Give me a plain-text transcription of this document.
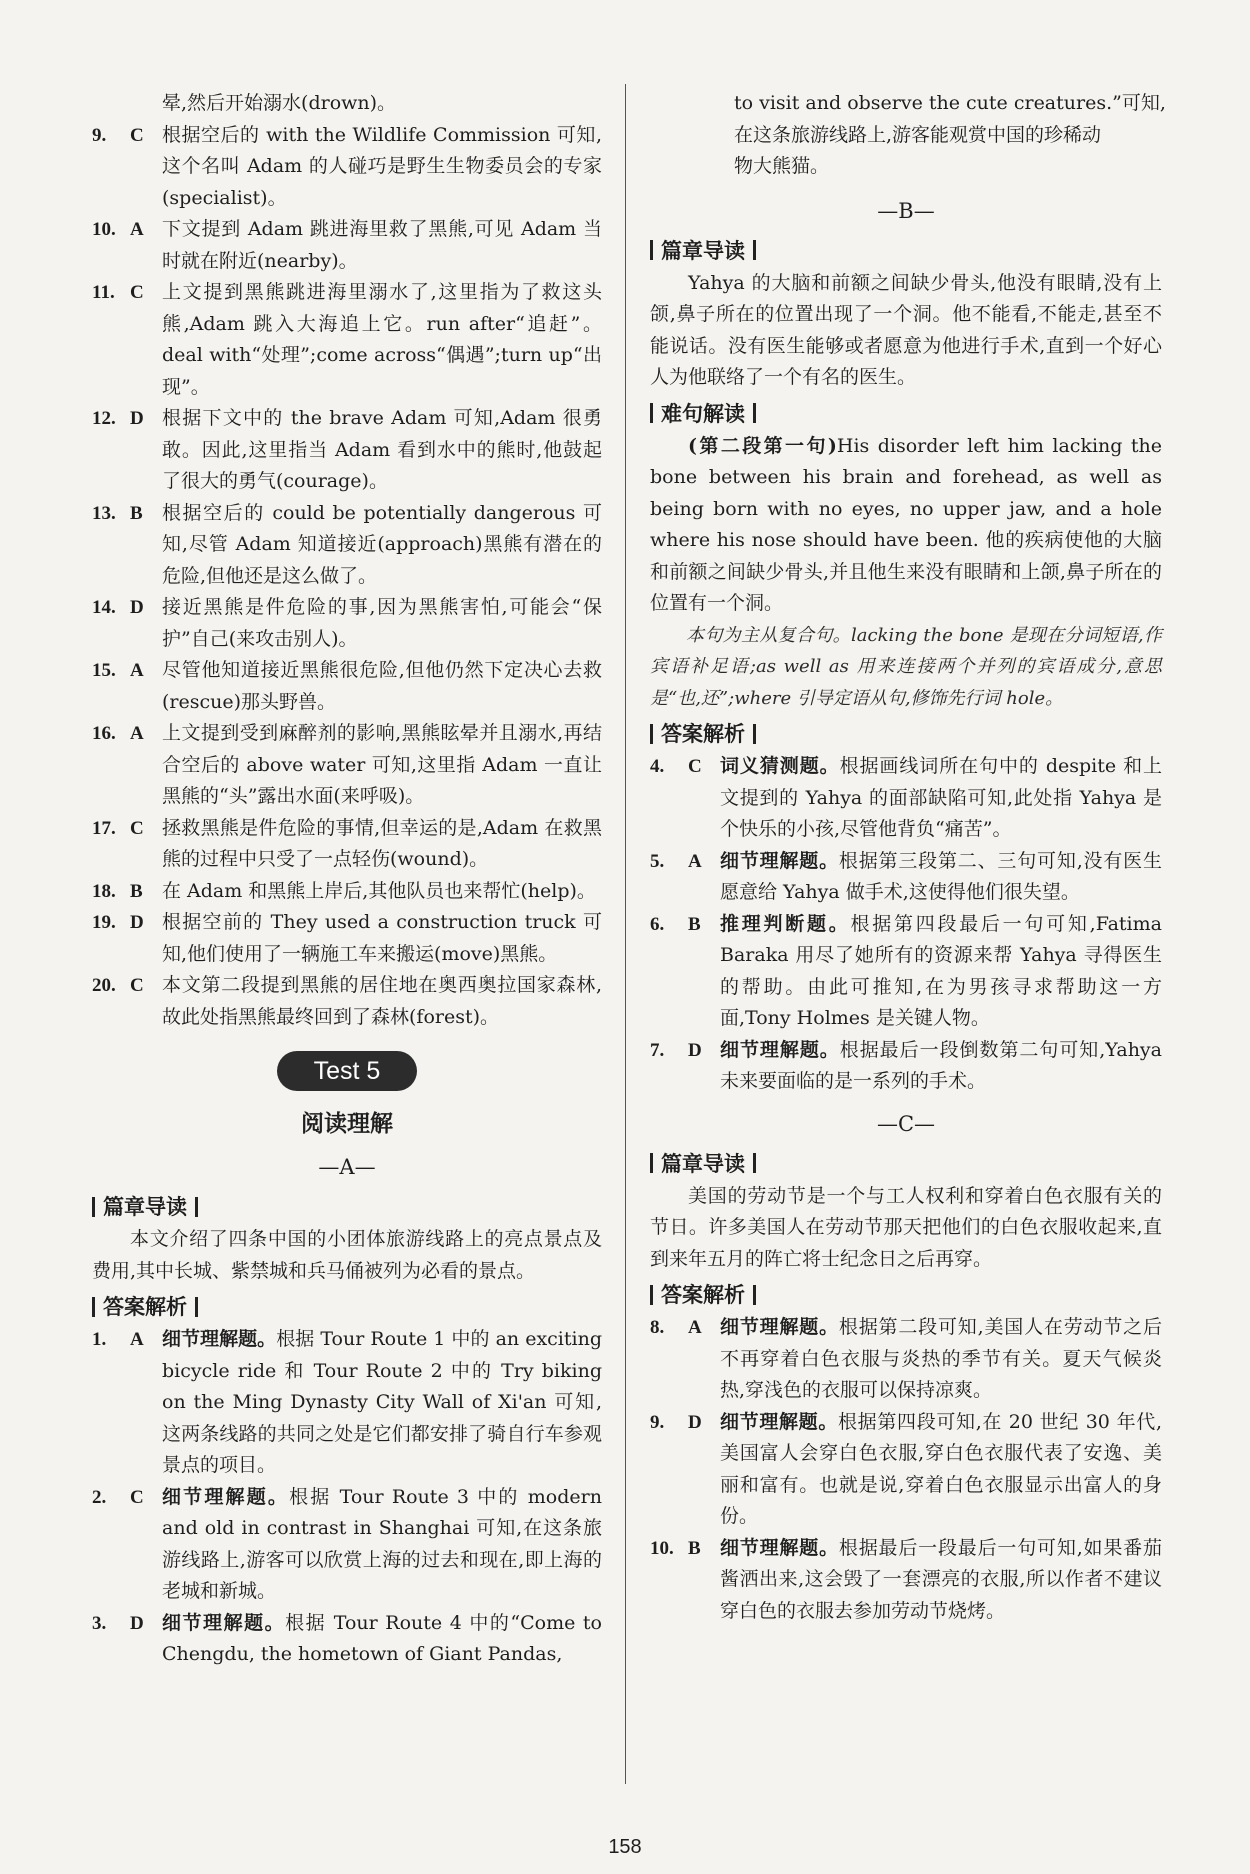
晕,然后开始溺水(drown)。

9.	C 根据空后的 with the Wildlife Commission 可知,这个名叫 Adam 的人碰巧是野生生物委员会的专家(specialist)。
10. A 下文提到 Adam 跳进海里救了黑熊,可见 Adam 当时就在附近(nearby)。
11. C 上文提到黑熊跳进海里溺水了,这里指为了救这头熊,Adam 跳入大海追上它。run after“追赶”。deal with“处理”;come across“偶遇”;turn up“出现”。
12. D 根据下文中的 the brave Adam 可知,Adam 很勇敢。因此,这里指当 Adam 看到水中的熊时,他鼓起了很大的勇气(courage)。
13. B	根据空后的 could be potentially dangerous 可知,尽管 Adam 知道接近(approach)黑熊有潜在的危险,但他还是这么做了。
14. D 接近黑熊是件危险的事,因为黑熊害怕,可能会“保护”自己(来攻击别人)。
15. A 尽管他知道接近黑熊很危险,但他仍然下定决心去救(rescue)那头野兽。
16. A 上文提到受到麻醉剂的影响,黑熊眩晕并且溺水,再结合空后的 above water 可知,这里指 Adam 一直让黑熊的“头”露出水面(来呼吸)。
17. C 拯救黑熊是件危险的事情,但幸运的是,Adam 在救黑熊的过程中只受了一点轻伤(wound)。
18. B	在 Adam 和黑熊上岸后,其他队员也来帮忙(help)。
19. D 根据空前的 They used a construction truck 可知,他们使用了一辆施工车来搬运(move)黑熊。
20. C 本文第二段提到黑熊的居住地在奥西奥拉国家森林,故此处指黑熊最终回到了森林(forest)。
Test 5
阅读理解
—A—
篇章导读

本文介绍了四条中国的小团体旅游线路上的亮点景点及费用,其中长城、紫禁城和兵马俑被列为必看的景点。

答案解析
1.	A 细节理解题。根据 Tour Route 1 中的 an exciting bicycle ride 和 Tour Route 2 中的 Try biking on the Ming Dynasty City Wall of Xi'an 可知,这两条线路的共同之处是它们都安排了骑自行车参观景点的项目。
2.	C 细节理解题。根据 Tour Route 3 中的 modern and old in contrast in Shanghai 可知,在这条旅游线路上,游客可以欣赏上海的过去和现在,即上海的老城和新城。
3.	D 细节理解题。根据 Tour Route 4 中的“Come to Chengdu, the hometown of Giant Pandas,

to visit and observe the cute creatures.”可知,

在这条旅游线路上,游客能观赏中国的珍稀动

物大熊猫。

—B—
篇章导读

Yahya 的大脑和前额之间缺少骨头,他没有眼睛,没有上颌,鼻子所在的位置出现了一个洞。他不能看,不能走,甚至不能说话。没有医生能够或者愿意为他进行手术,直到一个好心人为他联络了一个有名的医生。

难句解读

(第二段第一句)His disorder left him lacking the bone between his brain and forehead, as well as being born with no eyes, no upper jaw, and a hole where his nose should have been. 他的疾病使他的大脑和前额之间缺少骨头,并且他生来没有眼睛和上颌,鼻子所在的位置有一个洞。

本句为主从复合句。lacking the bone 是现在分词短语,作宾语补足语;as well as 用来连接两个并列的宾语成分,意思是“也,还”;where 引导定语从句,修饰先行词 hole。

答案解析
4.	C 词义猜测题。根据画线词所在句中的 despite 和上文提到的 Yahya 的面部缺陷可知,此处指 Yahya 是个快乐的小孩,尽管他背负“痛苦”。
5.	A 细节理解题。根据第三段第二、三句可知,没有医生愿意给 Yahya 做手术,这使得他们很失望。
6.	B	推理判断题。根据第四段最后一句可知,Fatima Baraka 用尽了她所有的资源来帮 Yahya 寻得医生的帮助。由此可推知,在为男孩寻求帮助这一方面,Tony Holmes 是关键人物。
7.	D 细节理解题。根据最后一段倒数第二句可知,Yahya 未来要面临的是一系列的手术。
—C—
篇章导读

美国的劳动节是一个与工人权利和穿着白色衣服有关的节日。许多美国人在劳动节那天把他们的白色衣服收起来,直到来年五月的阵亡将士纪念日之后再穿。

答案解析
8.	A 细节理解题。根据第二段可知,美国人在劳动节之后不再穿着白色衣服与炎热的季节有关。夏天气候炎热,穿浅色的衣服可以保持凉爽。
9.	D 细节理解题。根据第四段可知,在 20 世纪 30 年代,美国富人会穿白色衣服,穿白色衣服代表了安逸、美丽和富有。也就是说,穿着白色衣服显示出富人的身份。
10. B	细节理解题。根据最后一段最后一句可知,如果番茄酱洒出来,这会毁了一套漂亮的衣服,所以作者不建议穿白色的衣服去参加劳动节烧烤。
158
